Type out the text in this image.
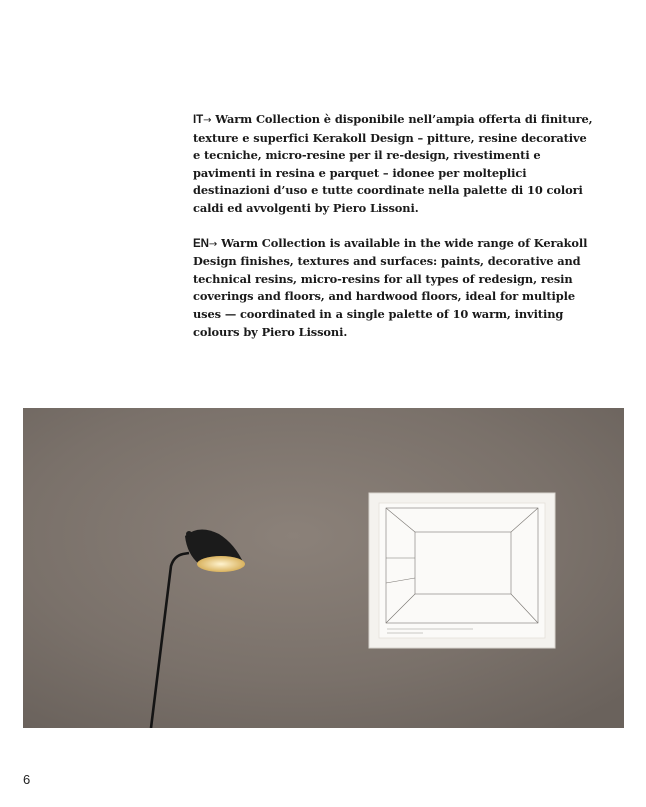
IT→ Warm Collection è disponibile nell’ampia offerta di finiture, texture e superfici Kerakoll Design – pitture, resine decorative e tecniche, micro-resine per il re-design, rivestimenti e pavimenti in resina e parquet – idonee per molteplici destinazioni d’uso e tutte coordinate nella palette di 10 colori caldi ed avvolgenti by Piero Lissoni.

EN→ Warm Collection is available in the wide range of Kerakoll Design finishes, textures and surfaces: paints, decorative and technical resins, micro-resins for all types of redesign, resin coverings and floors, and hardwood floors, ideal for multiple uses — coordinated in a single palette of 10 warm, inviting colours by Piero Lissoni.

6
